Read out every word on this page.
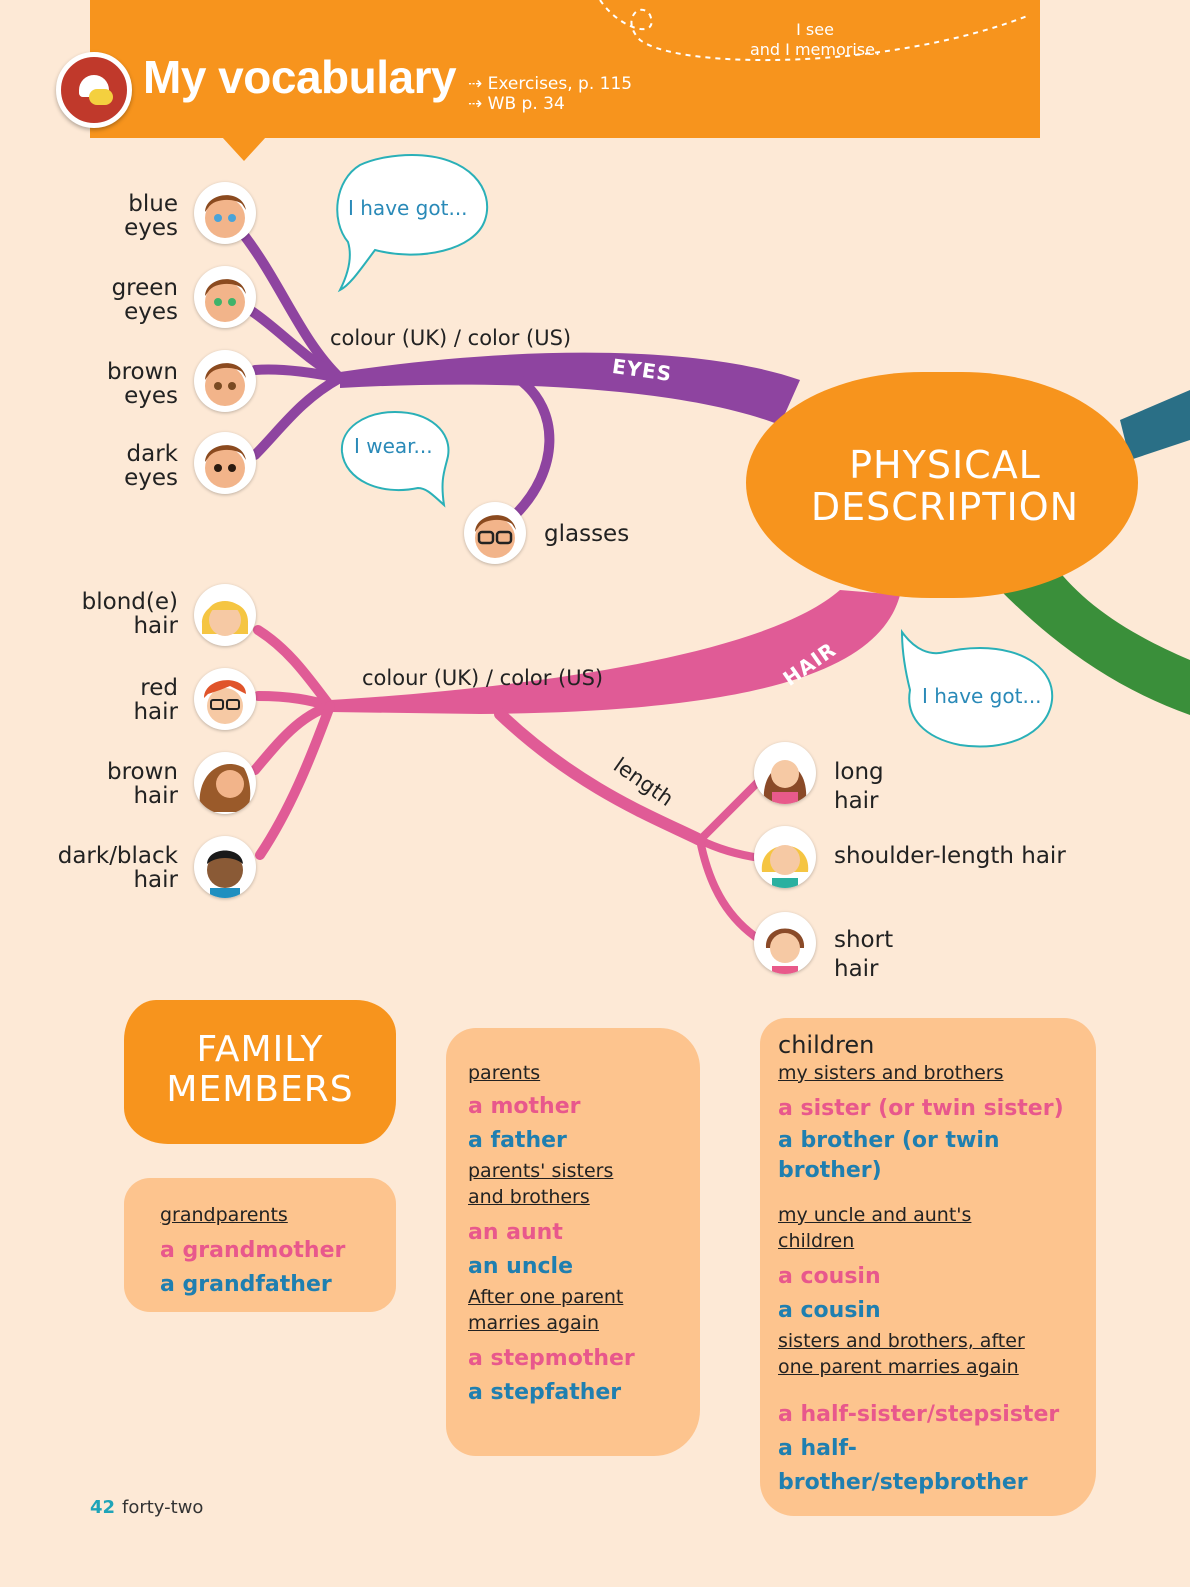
My vocabulary ⇢ Exercises, p. 115
⇢ WB p. 34
I see
and I memorise.
I have got...
I wear...
I have got...
colour (UK) / color (US)
EYES
colour (UK) / color (US)	HAIR
length
PHYSICAL
DESCRIPTION
blue
eyes
green
eyes
brown
eyes
dark
eyes
glasses
blond(e)
hair
red
hair
brown
hair
dark/black
hair
long
hair
shoulder-length hair
short
hair
FAMILY
MEMBERS
grandparents
a grandmother
a grandfather
parents
a mother
a father
parents' sisters
and brothers
an aunt
an uncle
After one parent
marries again
a stepmother
a stepfather
children
my sisters and brothers
a sister (or twin sister)
a brother (or twin
brother)
my uncle and aunt's
children
a cousin
a cousin
sisters and brothers, after
one parent marries again
a half-sister/stepsister
a half-brother/stepbrother
42 forty-two
